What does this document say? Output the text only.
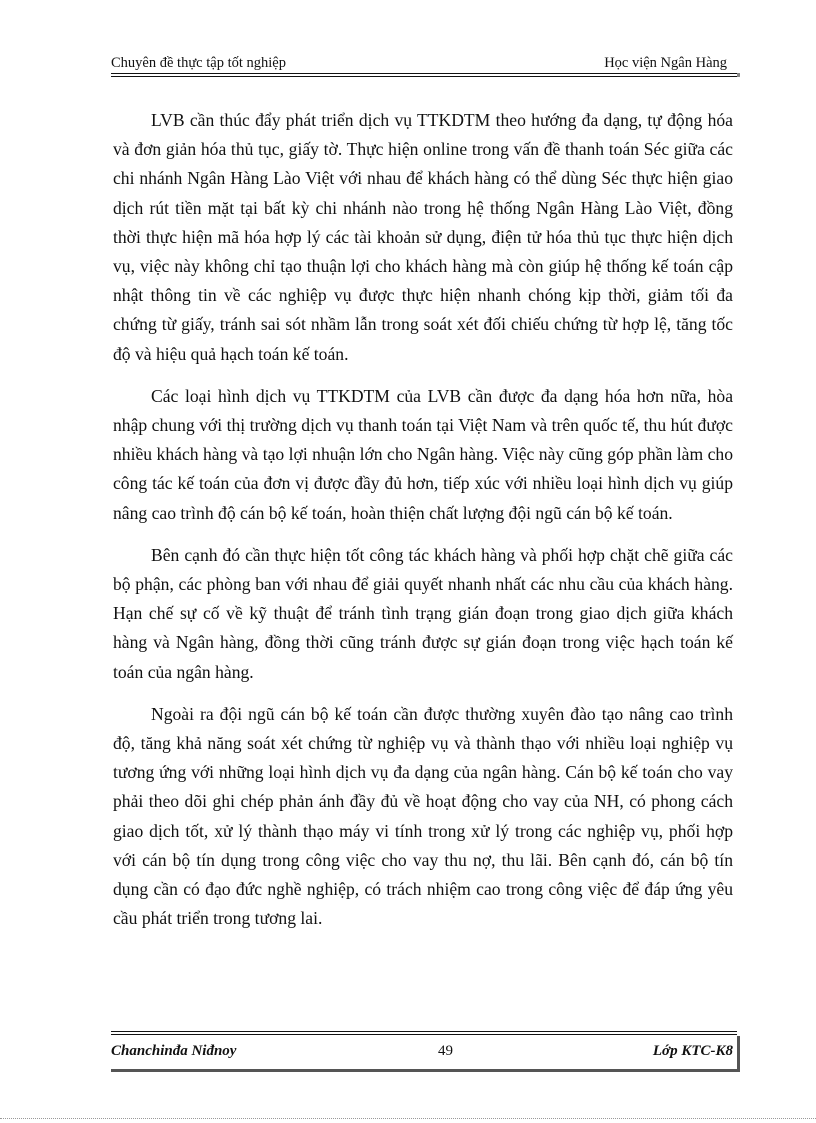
Chuyên đề thực tập tốt nghiệp	Học viện Ngân Hàng

LVB cần thúc đẩy phát triển dịch vụ TTKDTM theo hướng đa dạng, tự động hóa và đơn giản hóa thủ tục, giấy tờ. Thực hiện online trong vấn đề thanh toán Séc giữa các chi nhánh Ngân Hàng Lào Việt với nhau để khách hàng có thể dùng Séc thực hiện giao dịch rút tiền mặt tại bất kỳ chi nhánh nào trong hệ thống Ngân Hàng Lào Việt, đồng thời thực hiện mã hóa hợp lý các tài khoản sử dụng, điện tử hóa thủ tục thực hiện dịch vụ, việc này không chỉ tạo thuận lợi cho khách hàng mà còn giúp hệ thống kế toán cập nhật thông tin về các nghiệp vụ được thực hiện nhanh chóng kịp thời, giảm tối đa chứng từ giấy, tránh sai sót nhầm lẫn trong soát xét đối chiếu chứng từ hợp lệ, tăng tốc độ và hiệu quả hạch toán kế toán.

Các loại hình dịch vụ TTKDTM của LVB cần được đa dạng hóa hơn nữa, hòa nhập chung với thị trường dịch vụ thanh toán tại Việt Nam và trên quốc tế, thu hút được nhiều khách hàng và tạo lợi nhuận lớn cho Ngân hàng. Việc này cũng góp phần làm cho công tác kế toán của đơn vị được đầy đủ hơn, tiếp xúc với nhiều loại hình dịch vụ giúp nâng cao trình độ cán bộ kế toán, hoàn thiện chất lượng đội ngũ cán bộ kế toán.

Bên cạnh đó cần thực hiện tốt công tác khách hàng và phối hợp chặt chẽ giữa các bộ phận, các phòng ban với nhau để giải quyết nhanh nhất các nhu cầu của khách hàng. Hạn chế sự cố về kỹ thuật để tránh tình trạng gián đoạn trong giao dịch giữa khách hàng và Ngân hàng, đồng thời cũng tránh được sự gián đoạn trong việc hạch toán kế toán của ngân hàng.

Ngoài ra đội ngũ cán bộ kế toán cần được thường xuyên đào tạo nâng cao trình độ, tăng khả năng soát xét chứng từ nghiệp vụ và thành thạo với nhiều loại nghiệp vụ tương ứng với những loại hình dịch vụ đa dạng của ngân hàng. Cán bộ kế toán cho vay phải theo dõi ghi chép phản ánh đầy đủ về hoạt động cho vay của NH, có phong cách giao dịch tốt, xử lý thành thạo máy vi tính trong xử lý trong các nghiệp vụ, phối hợp với cán bộ tín dụng trong công việc cho vay thu nợ, thu lãi. Bên cạnh đó, cán bộ tín dụng cần có đạo đức nghề nghiệp, có trách nhiệm cao trong công việc để đáp ứng yêu cầu phát triển trong tương lai.

Chanchinđa Niđnoy	49	Lớp KTC-K8
